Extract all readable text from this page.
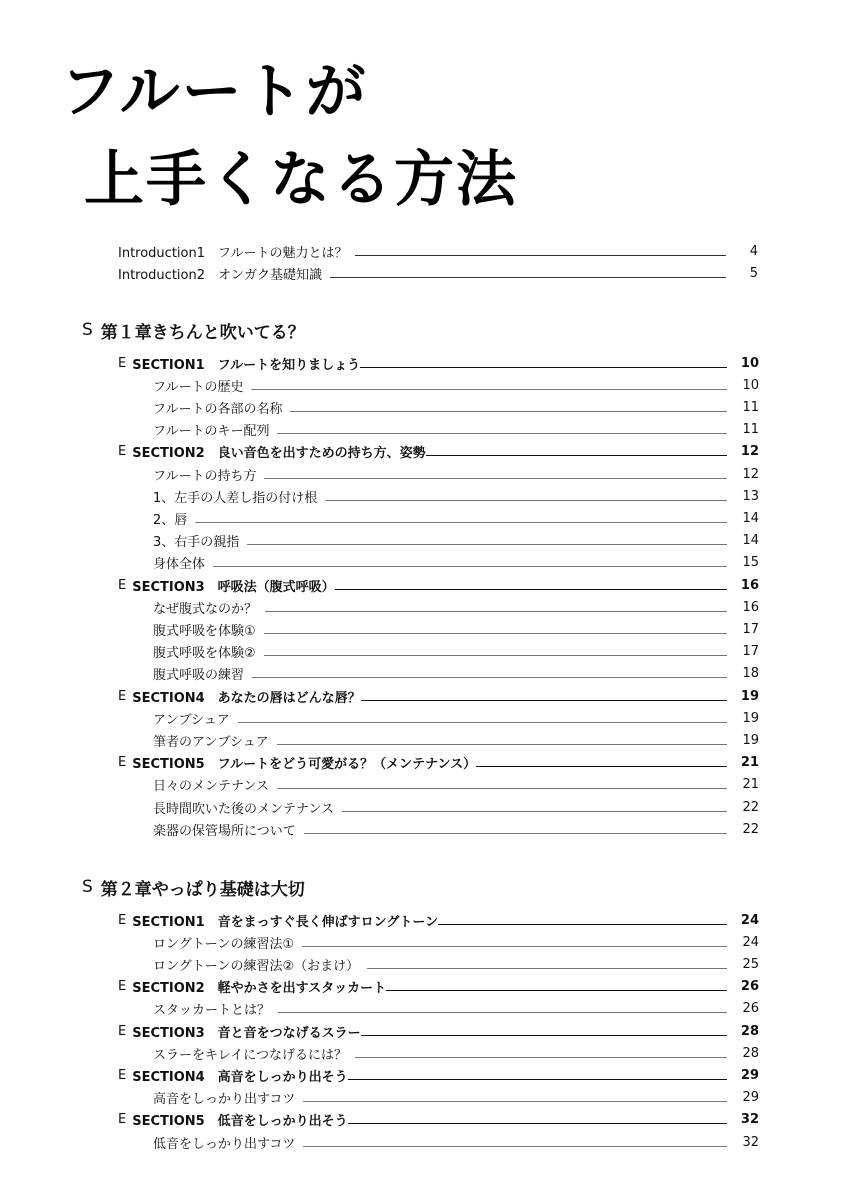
フルートが
上手くなる方法
Introduction1　フルートの魅力とは？	4
Introduction2　オンガク基礎知識	5
S 第１章 きちんと吹いてる？
E SECTION1　フルートを知りましょう	10
フルートの歴史	10
フルートの各部の名称	11
フルートのキー配列	11
E SECTION2　良い音色を出すための持ち方、姿勢	12
フルートの持ち方	12
1、左手の人差し指の付け根	13
2、唇	14
3、右手の親指	14
身体全体	15
E SECTION3　呼吸法（腹式呼吸）	16
なぜ腹式なのか？	16
腹式呼吸を体験①	17
腹式呼吸を体験②	17
腹式呼吸の練習	18
E SECTION4　あなたの唇はどんな唇？	19
アンブシュア	19
筆者のアンブシュア	19
E SECTION5　フルートをどう可愛がる？（メンテナンス）	21
日々のメンテナンス	21
長時間吹いた後のメンテナンス	22
楽器の保管場所について	22
S 第２章 やっぱり基礎は大切
E SECTION1　音をまっすぐ長く伸ばすロングトーン	24
ロングトーンの練習法①	24
ロングトーンの練習法②（おまけ）	25
E SECTION2　軽やかさを出すスタッカート	26
スタッカートとは？	26
E SECTION3　音と音をつなげるスラー	28
スラーをキレイにつなげるには？	28
E SECTION4　高音をしっかり出そう	29
高音をしっかり出すコツ	29
E SECTION5　低音をしっかり出そう	32
低音をしっかり出すコツ	32
